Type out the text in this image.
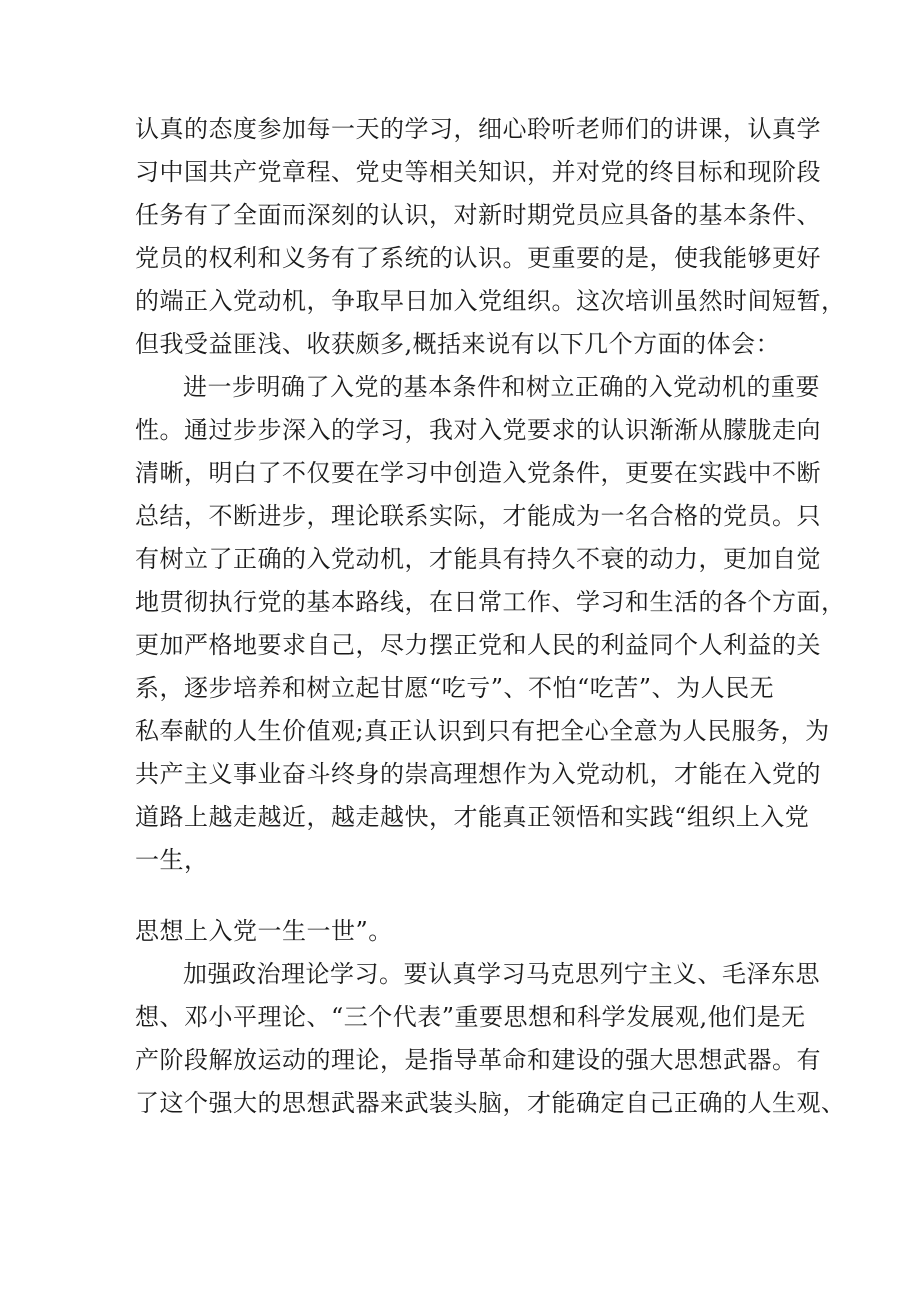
认真的态度参加每一天的学习，细心聆听老师们的讲课，认真学
习中国共产党章程、党史等相关知识，并对党的终目标和现阶段
任务有了全面而深刻的认识，对新时期党员应具备的基本条件、
党员的权利和义务有了系统的认识。更重要的是，使我能够更好
的端正入党动机，争取早日加入党组织。这次培训虽然时间短暂，
但我受益匪浅、收获颇多,概括来说有以下几个方面的体会：
进一步明确了入党的基本条件和树立正确的入党动机的重要
性。通过步步深入的学习，我对入党要求的认识渐渐从朦胧走向
清晰，明白了不仅要在学习中创造入党条件，更要在实践中不断
总结，不断进步，理论联系实际，才能成为一名合格的党员。只
有树立了正确的入党动机，才能具有持久不衰的动力，更加自觉
地贯彻执行党的基本路线，在日常工作、学习和生活的各个方面，
更加严格地要求自己，尽力摆正党和人民的利益同个人利益的关
系，逐步培养和树立起甘愿“吃亏”、不怕“吃苦”、为人民无
私奉献的人生价值观;真正认识到只有把全心全意为人民服务，为
共产主义事业奋斗终身的崇高理想作为入党动机，才能在入党的
道路上越走越近，越走越快，才能真正领悟和实践“组织上入党
一生，
思想上入党一生一世”。
加强政治理论学习。要认真学习马克思列宁主义、毛泽东思
想、邓小平理论、“三个代表”重要思想和科学发展观,他们是无
产阶段解放运动的理论，是指导革命和建设的强大思想武器。有
了这个强大的思想武器来武装头脑，才能确定自己正确的人生观、
